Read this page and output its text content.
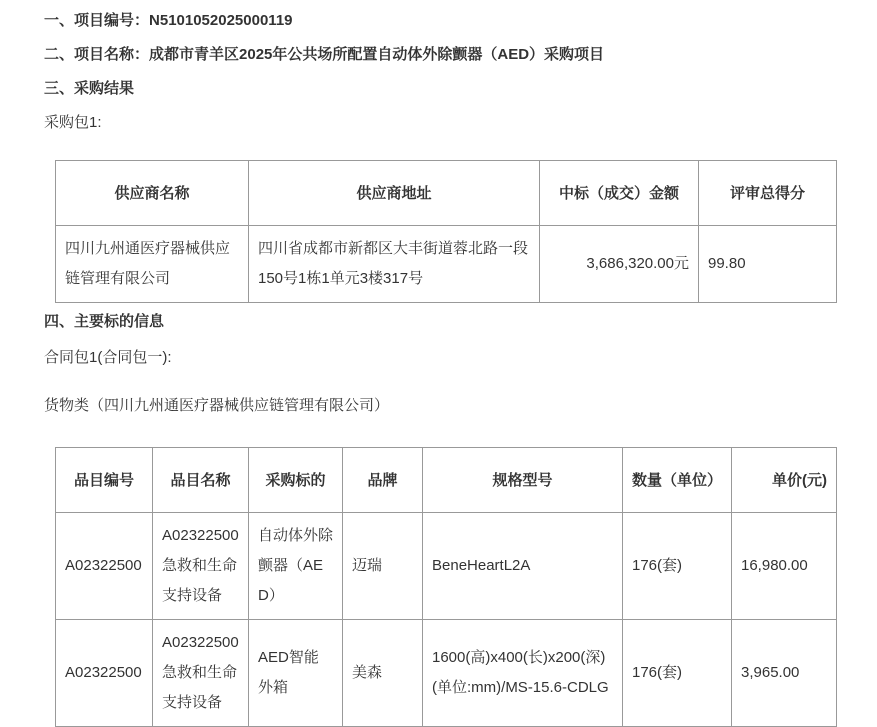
一、项目编号：N5101052025000119

二、项目名称：成都市青羊区2025年公共场所配置自动体外除颤器（AED）采购项目

三、采购结果

采购包1:

供应商名称	供应商地址	中标（成交）金额	评审总得分
四川九州通医疗器械供应链管理有限公司	四川省成都市新都区大丰街道蓉北路一段150号1栋1单元3楼317号	3,686,320.00元	99.80

四、主要标的信息

合同包1(合同包一):

货物类（四川九州通医疗器械供应链管理有限公司）

品目编号	品目名称	采购标的	品牌	规格型号	数量（单位）	单价(元)
A02322500	A02322500急救和生命支持设备	自动体外除颤器（AED）	迈瑞	BeneHeartL2A	176(套)	16,980.00
A02322500	A02322500急救和生命支持设备	AED智能外箱	美森	1600(高)x400(长)x200(深)(单位:mm)/MS-15.6-CDLG	176(套)	3,965.00
